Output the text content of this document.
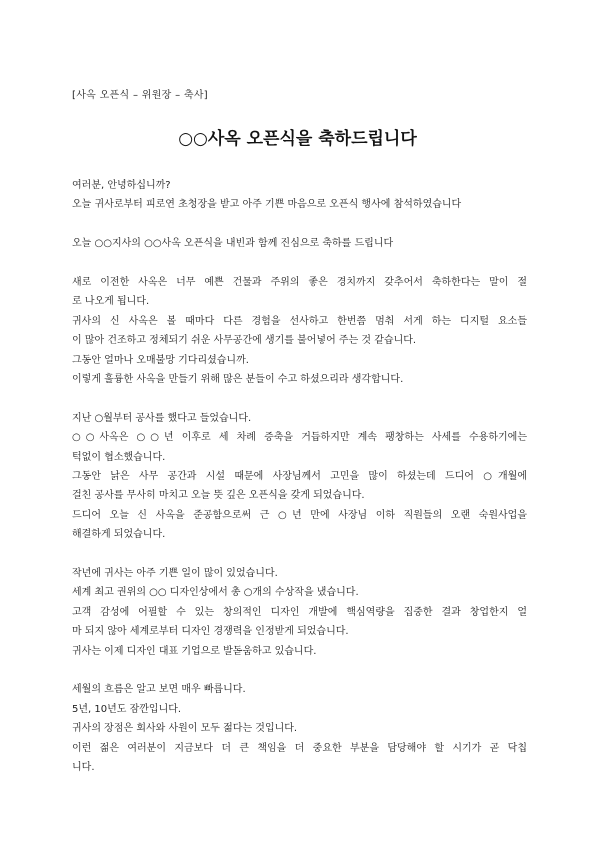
[사옥 오픈식 – 위원장 – 축사]
○○사옥 오픈식을 축하드립니다
여러분, 안녕하십니까?
오늘 귀사로부터 피로연 초청장을 받고 아주 기쁜 마음으로 오픈식 행사에 참석하였습니다
오늘 ○○지사의 ○○사옥 오픈식을 내빈과 함께 진심으로 축하를 드립니다
새로 이전한 사옥은 너무 예쁜 건물과 주위의 좋은 경치까지 갖추어서 축하한다는 말이 절
로 나오게 됩니다.
귀사의 신 사옥은 볼 때마다 다른 경험을 선사하고 한번쯤 멈춰 서게 하는 디지털 요소들
이 많아 건조하고 정체되기 쉬운 사무공간에 생기를 불어넣어 주는 것 같습니다.
그동안 얼마나 오매불망 기다리셨습니까.
이렇게 훌륭한 사옥을 만들기 위해 많은 분들이 수고 하셨으리라 생각합니다.
지난 ○월부터 공사를 했다고 들었습니다.
○○사옥은 ○○년 이후로 세 차례 증축을 거듭하지만 계속 팽창하는 사세를 수용하기에는
턱없이 협소했습니다.
그동안 낡은 사무 공간과 시설 때문에 사장님께서 고민을 많이 하셨는데 드디어 ○개월에
걸친 공사를 무사히 마치고 오늘 뜻 깊은 오픈식을 갖게 되었습니다.
드디어 오늘 신 사옥을 준공함으로써 근 ○년 만에 사장님 이하 직원들의 오랜 숙원사업을
해결하게 되었습니다.
작년에 귀사는 아주 기쁜 일이 많이 있었습니다.
세계 최고 권위의 ○○ 디자인상에서 총 ○개의 수상작을 냈습니다.
고객 감성에 어필할 수 있는 창의적인 디자인 개발에 핵심역량을 집중한 결과 창업한지 얼
마 되지 않아 세계로부터 디자인 경쟁력을 인정받게 되었습니다.
귀사는 이제 디자인 대표 기업으로 발돋움하고 있습니다.
세월의 흐름은 알고 보면 매우 빠릅니다.
5년, 10년도 잠깐입니다.
귀사의 장점은 회사와 사원이 모두 젊다는 것입니다.
이런 젊은 여러분이 지금보다 더 큰 책임을 더 중요한 부분을 담당해야 할 시기가 곧 닥칩
니다.
